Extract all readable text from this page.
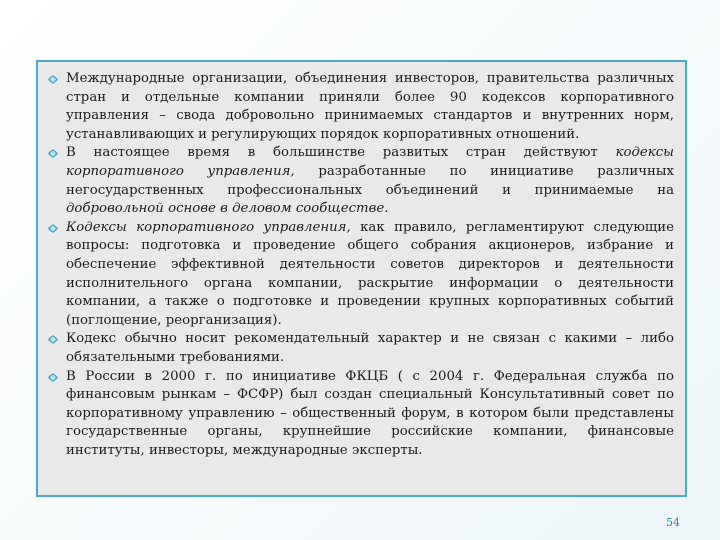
Международные организации, объединения инвесторов, правительства различных стран и отдельные компании приняли более 90 кодексов корпоративного управления – свода добровольно принимаемых стандартов и внутренних норм, устанавливающих и регулирующих порядок корпоративных отношений.
В настоящее время в большинстве развитых стран действуют кодексы корпоративного управления, разработанные по инициативе различных негосударственных профессиональных объединений и принимаемые на добровольной основе в деловом сообществе.
Кодексы корпоративного управления, как правило, регламентируют следующие вопросы: подготовка и проведение общего собрания акционеров, избрание и обеспечение эффективной деятельности советов директоров и деятельности исполнительного органа компании, раскрытие информации о деятельности компании, а также о подготовке и проведении крупных корпоративных событий (поглощение, реорганизация).
Кодекс обычно носит рекомендательный характер и не связан с какими – либо обязательными требованиями.
В России в 2000 г. по инициативе ФКЦБ ( с 2004 г. Федеральная служба по финансовым рынкам – ФСФР) был создан специальный Консультативный совет по корпоративному управлению – общественный форум, в котором были представлены государственные органы, крупнейшие российские компании, финансовые институты, инвесторы, международные эксперты.
54
